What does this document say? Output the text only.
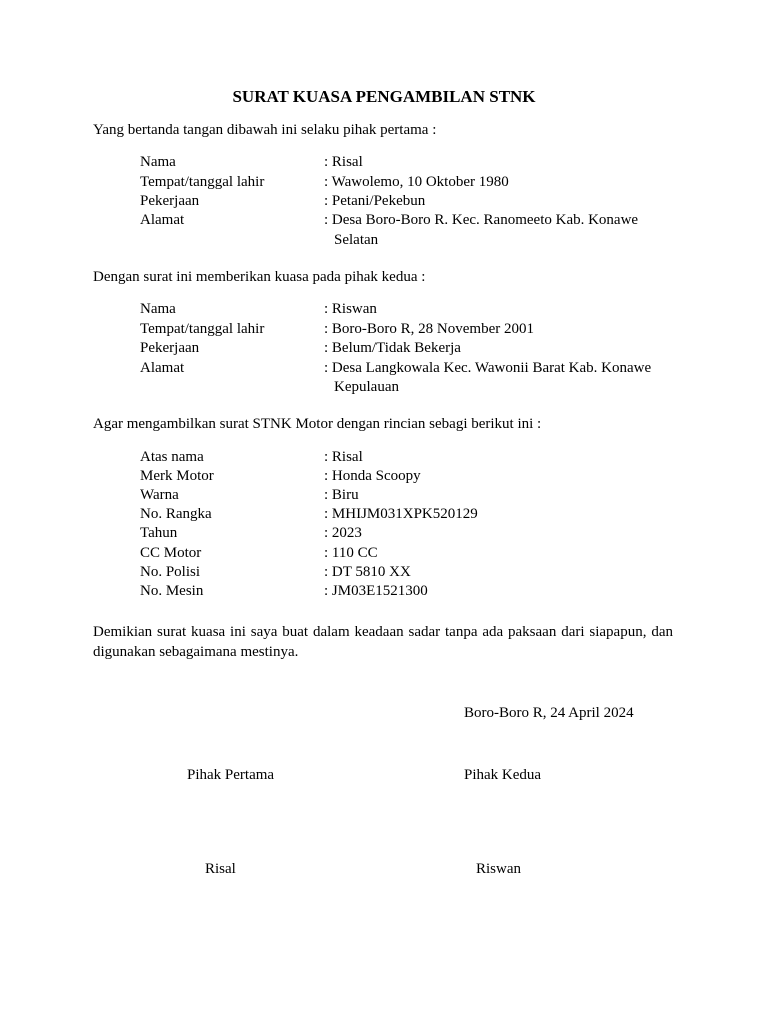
SURAT KUASA PENGAMBILAN STNK
Yang bertanda tangan dibawah ini selaku pihak pertama :
Nama	: Risal
Tempat/tanggal lahir	: Wawolemo, 10 Oktober 1980
Pekerjaan	: Petani/Pekebun
Alamat	: Desa Boro-Boro R. Kec. Ranomeeto Kab. Konawe
Selatan
Dengan surat ini memberikan kuasa pada pihak kedua :
Nama	: Riswan
Tempat/tanggal lahir	: Boro-Boro R, 28 November 2001
Pekerjaan	: Belum/Tidak Bekerja
Alamat	: Desa Langkowala Kec. Wawonii Barat Kab. Konawe
Kepulauan
Agar mengambilkan surat STNK Motor dengan rincian sebagi berikut ini :
Atas nama	: Risal
Merk Motor	: Honda Scoopy
Warna	: Biru
No. Rangka	: MHIJM031XPK520129
Tahun	: 2023
CC Motor	: 110 CC
No. Polisi	: DT 5810 XX
No. Mesin	: JM03E1521300
Demikian surat kuasa ini saya buat dalam keadaan sadar tanpa ada paksaan dari siapapun, dan digunakan sebagaimana mestinya.
Boro-Boro R, 24 April 2024
Pihak Pertama	Pihak Kedua
Risal	Riswan
